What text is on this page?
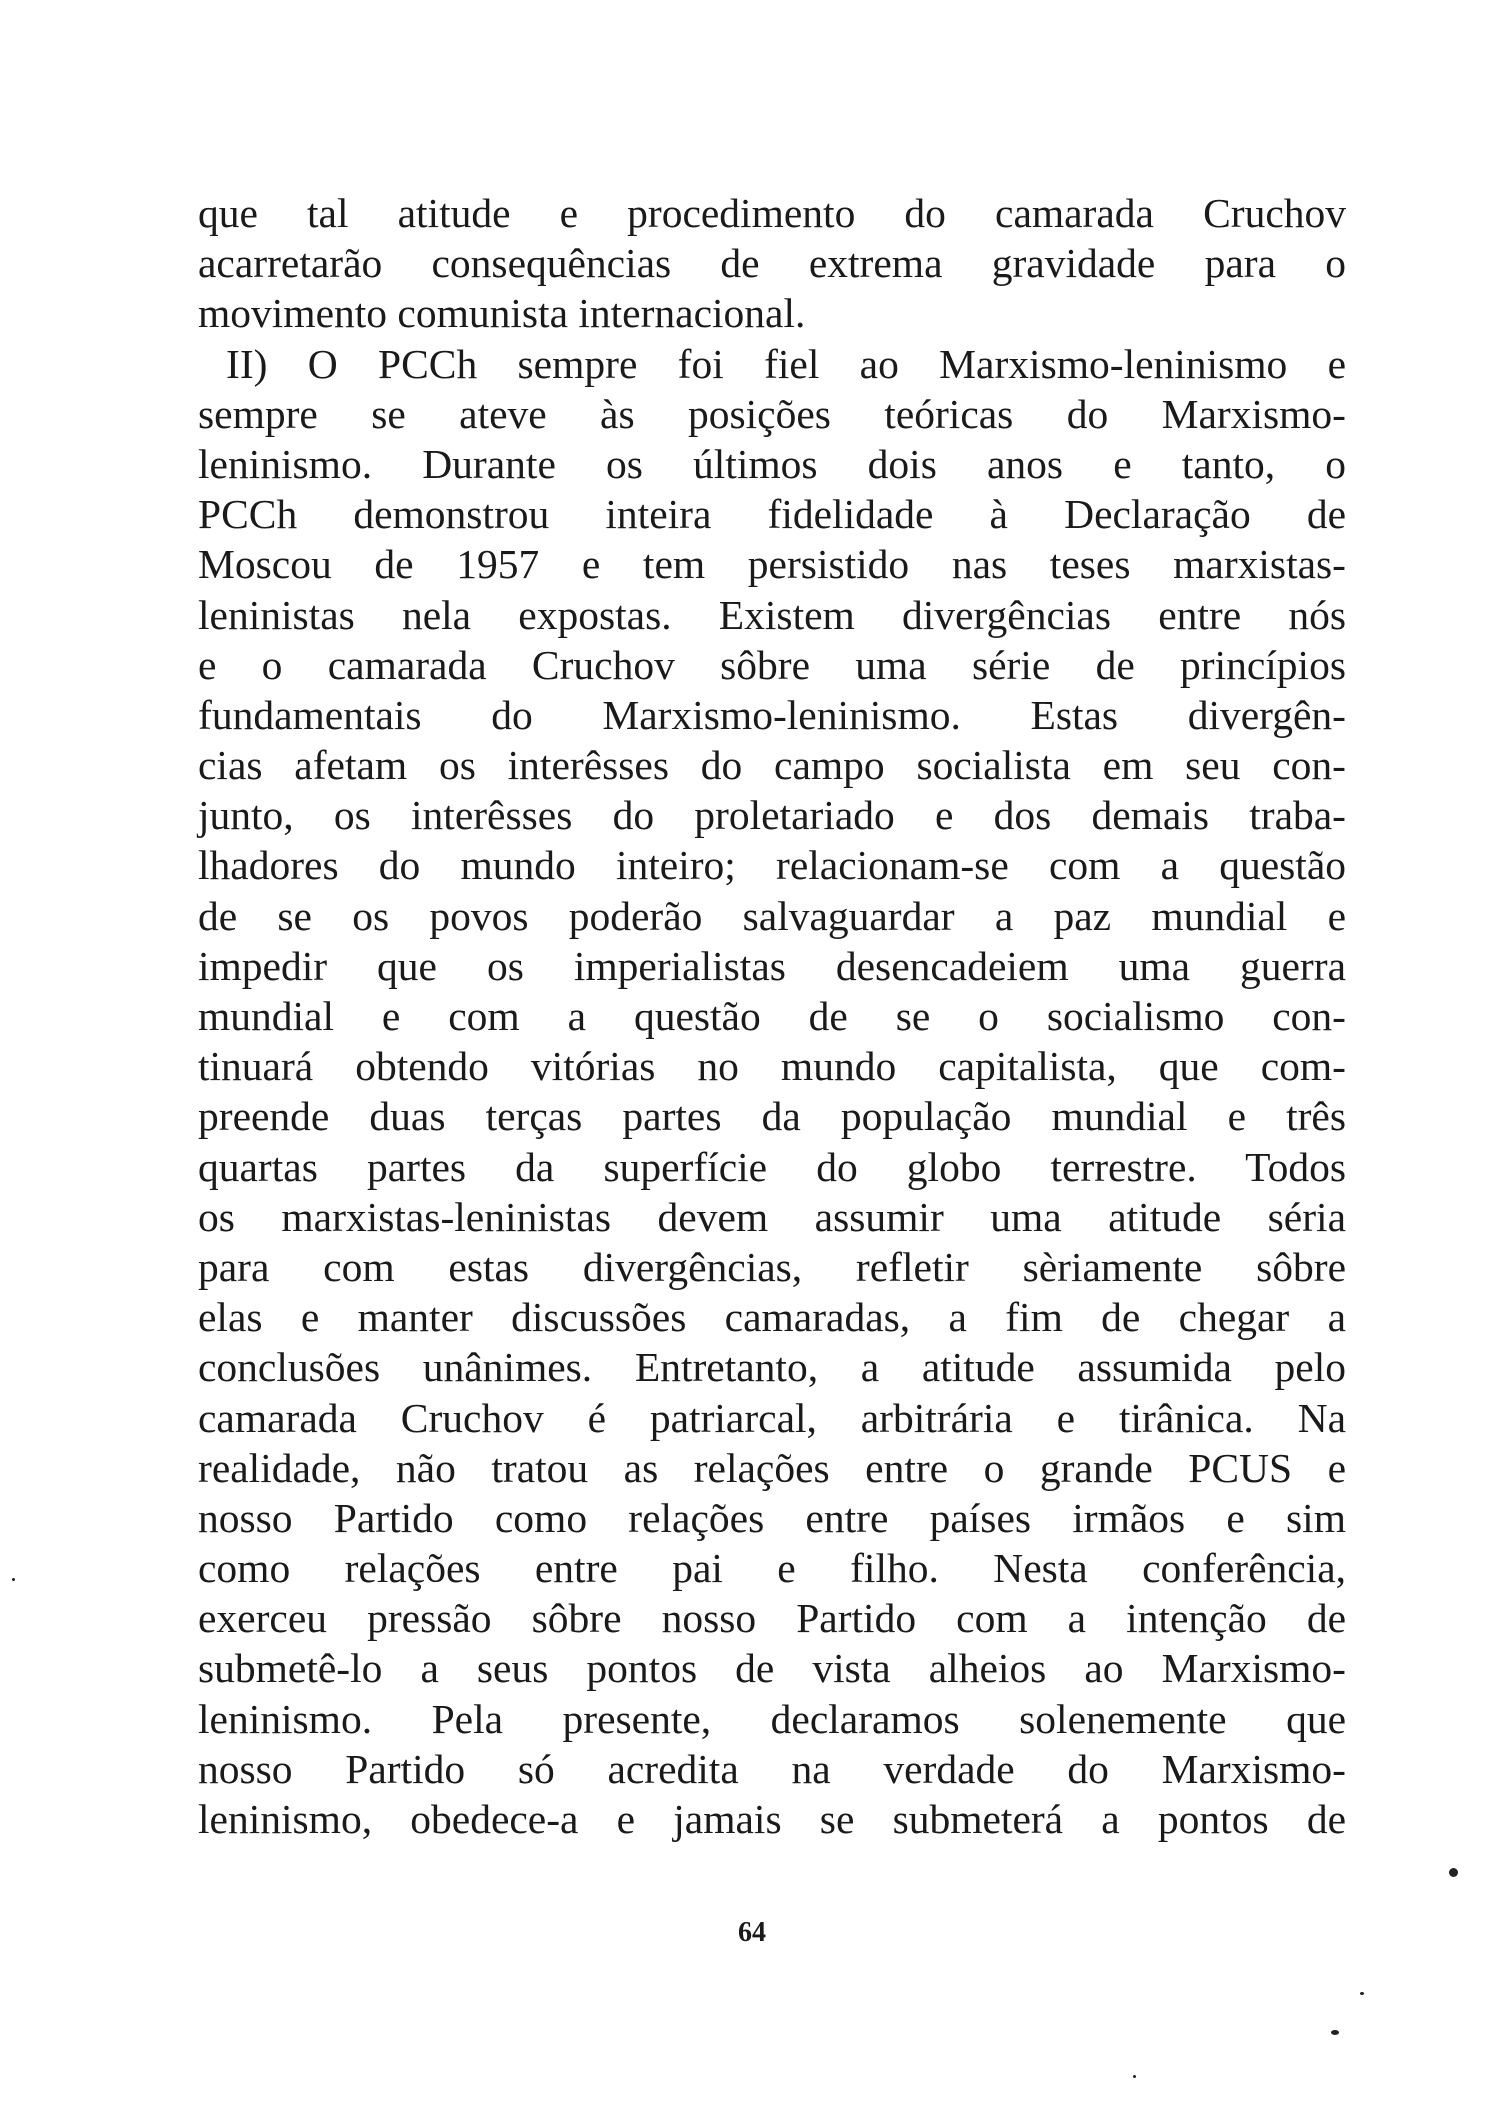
que tal atitude e procedimento do camarada Cruchov
acarretarão consequências de extrema gravidade para o
movimento comunista internacional.
II) O PCCh sempre foi fiel ao Marxismo-leninismo e
sempre se ateve às posições teóricas do Marxismo-
leninismo. Durante os últimos dois anos e tanto, o
PCCh demonstrou inteira fidelidade à Declaração de
Moscou de 1957 e tem persistido nas teses marxistas-
leninistas nela expostas. Existem divergências entre nós
e o camarada Cruchov sôbre uma série de princípios
fundamentais do Marxismo-leninismo. Estas divergên-
cias afetam os interêsses do campo socialista em seu con-
junto, os interêsses do proletariado e dos demais traba-
lhadores do mundo inteiro; relacionam-se com a questão
de se os povos poderão salvaguardar a paz mundial e
impedir que os imperialistas desencadeiem uma guerra
mundial e com a questão de se o socialismo con-
tinuará obtendo vitórias no mundo capitalista, que com-
preende duas terças partes da população mundial e três
quartas partes da superfície do globo terrestre. Todos
os marxistas-leninistas devem assumir uma atitude séria
para com estas divergências, refletir sèriamente sôbre
elas e manter discussões camaradas, a fim de chegar a
conclusões unânimes. Entretanto, a atitude assumida pelo
camarada Cruchov é patriarcal, arbitrária e tirânica. Na
realidade, não tratou as relações entre o grande PCUS e
nosso Partido como relações entre países irmãos e sim
como relações entre pai e filho. Nesta conferência,
exerceu pressão sôbre nosso Partido com a intenção de
submetê-lo a seus pontos de vista alheios ao Marxismo-
leninismo. Pela presente, declaramos solenemente que
nosso Partido só acredita na verdade do Marxismo-
leninismo, obedece-a e jamais se submeterá a pontos de
64
